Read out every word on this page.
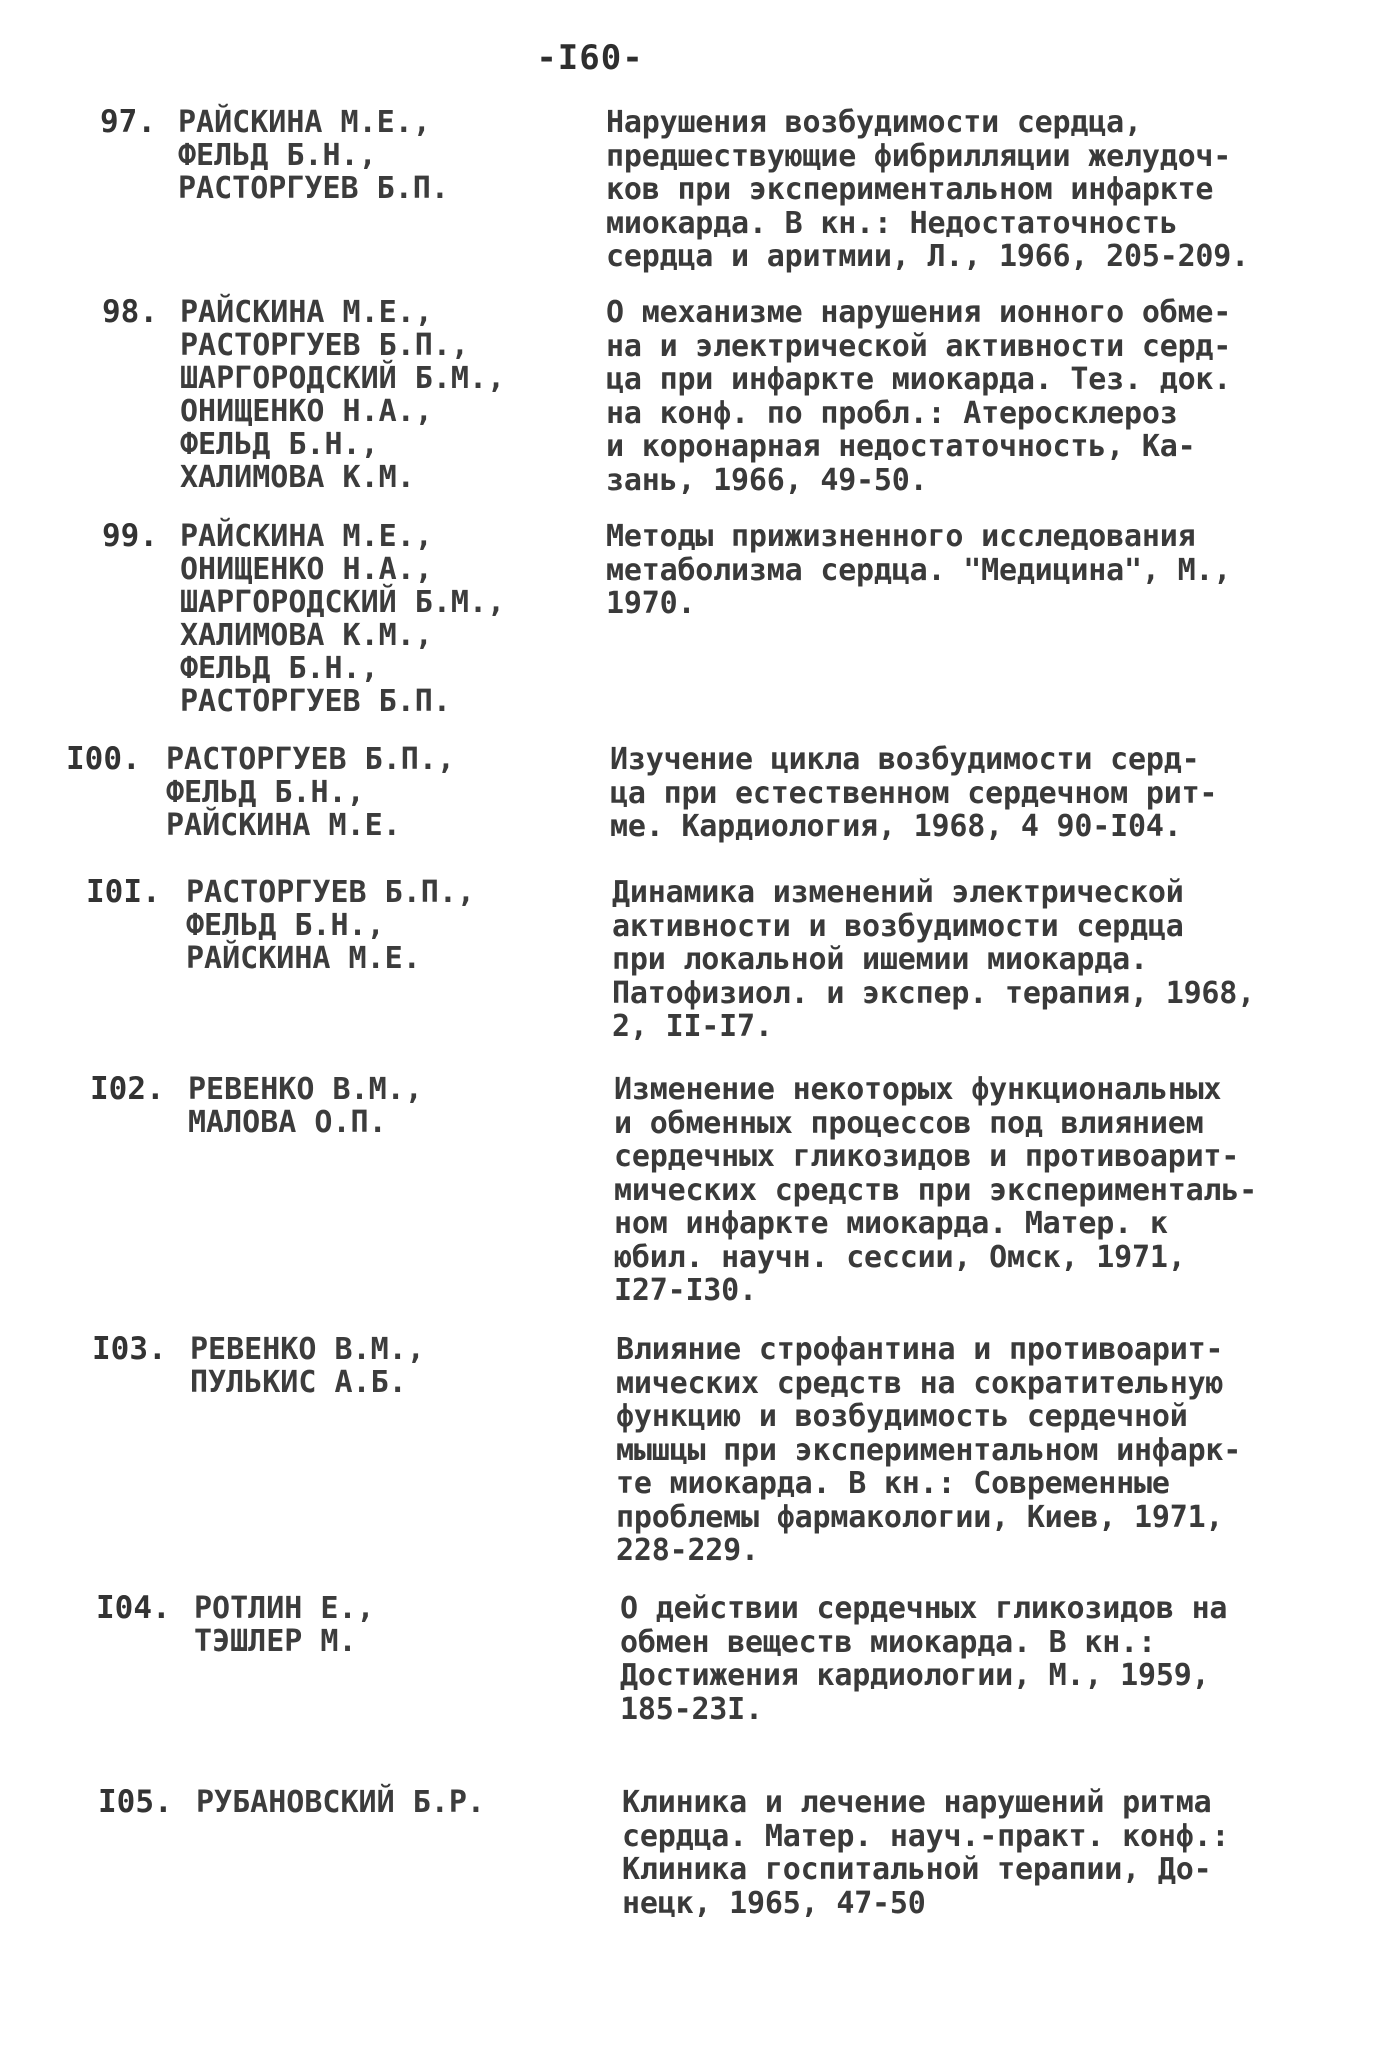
-I60-
97. РАЙСКИНА М.Е.,
ФЕЛЬД Б.Н.,
РАСТОРГУЕВ Б.П.
Нарушения возбудимости сердца,
предшествующие фибрилляции желудоч-
ков при экспериментальном инфаркте
миокарда. В кн.: Недостаточность
сердца и аритмии, Л., 1966, 205-209.
98. РАЙСКИНА М.Е.,
РАСТОРГУЕВ Б.П.,
ШАРГОРОДСКИЙ Б.М.,
ОНИЩЕНКО Н.А.,
ФЕЛЬД Б.Н.,
ХАЛИМОВА К.М.
О механизме нарушения ионного обме-
на и электрической активности серд-
ца при инфаркте миокарда. Тез. док.
на конф. по пробл.: Атеросклероз
и коронарная недостаточность, Ка-
зань, 1966, 49-50.
99. РАЙСКИНА М.Е.,
ОНИЩЕНКО Н.А.,
ШАРГОРОДСКИЙ Б.М.,
ХАЛИМОВА К.М.,
ФЕЛЬД Б.Н.,
РАСТОРГУЕВ Б.П.
Методы прижизненного исследования
метаболизма сердца. "Медицина", М.,
1970.
I00. РАСТОРГУЕВ Б.П.,
ФЕЛЬД Б.Н.,
РАЙСКИНА М.Е.
Изучение цикла возбудимости серд-
ца при естественном сердечном рит-
ме. Кардиология, 1968, 4 90-I04.
I0I. РАСТОРГУЕВ Б.П.,
ФЕЛЬД Б.Н.,
РАЙСКИНА М.Е.
Динамика изменений электрической
активности и возбудимости сердца
при локальной ишемии миокарда.
Патофизиол. и экспер. терапия, 1968,
2, II-I7.
I02. РЕВЕНКО В.М.,
МАЛОВА О.П.
Изменение некоторых функциональных
и обменных процессов под влиянием
сердечных гликозидов и противоарит-
мических средств при эксперименталь-
ном инфаркте миокарда. Матер. к
юбил. научн. сессии, Омск, 1971,
I27-I30.
I03. РЕВЕНКО В.М.,
ПУЛЬКИС А.Б.
Влияние строфантина и противоарит-
мических средств на сократительную
функцию и возбудимость сердечной
мышцы при экспериментальном инфарк-
те миокарда. В кн.: Современные
проблемы фармакологии, Киев, 1971,
228-229.
I04. РОТЛИН Е.,
ТЭШЛЕР М.
О действии сердечных гликозидов на
обмен веществ миокарда. В кн.:
Достижения кардиологии, М., 1959,
185-23I.
I05. РУБАНОВСКИЙ Б.Р.	Клиника и лечение нарушений ритма
сердца. Матер. науч.-практ. конф.:
Клиника госпитальной терапии, До-
нецк, 1965, 47-50
